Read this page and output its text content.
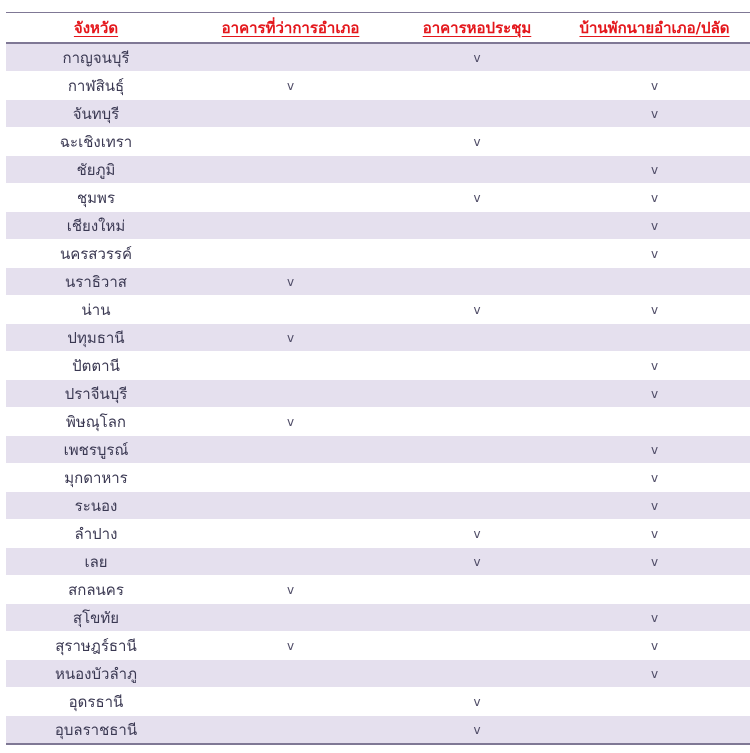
จังหวัด	อาคารที่ว่าการอำเภอ	อาคารหอประชุม	บ้านพักนายอำเภอ/ปลัด
กาญจนบุรี		v	
กาฬสินธุ์	v		v
จันทบุรี			v
ฉะเชิงเทรา		v	
ชัยภูมิ			v
ชุมพร		v	v
เชียงใหม่			v
นครสวรรค์			v
นราธิวาส	v		
น่าน		v	v
ปทุมธานี	v		
ปัตตานี			v
ปราจีนบุรี			v
พิษณุโลก	v		
เพชรบูรณ์			v
มุกดาหาร			v
ระนอง			v
ลำปาง		v	v
เลย		v	v
สกลนคร	v		
สุโขทัย			v
สุราษฎร์ธานี	v		v
หนองบัวลำภู			v
อุดรธานี		v	
อุบลราชธานี		v	
